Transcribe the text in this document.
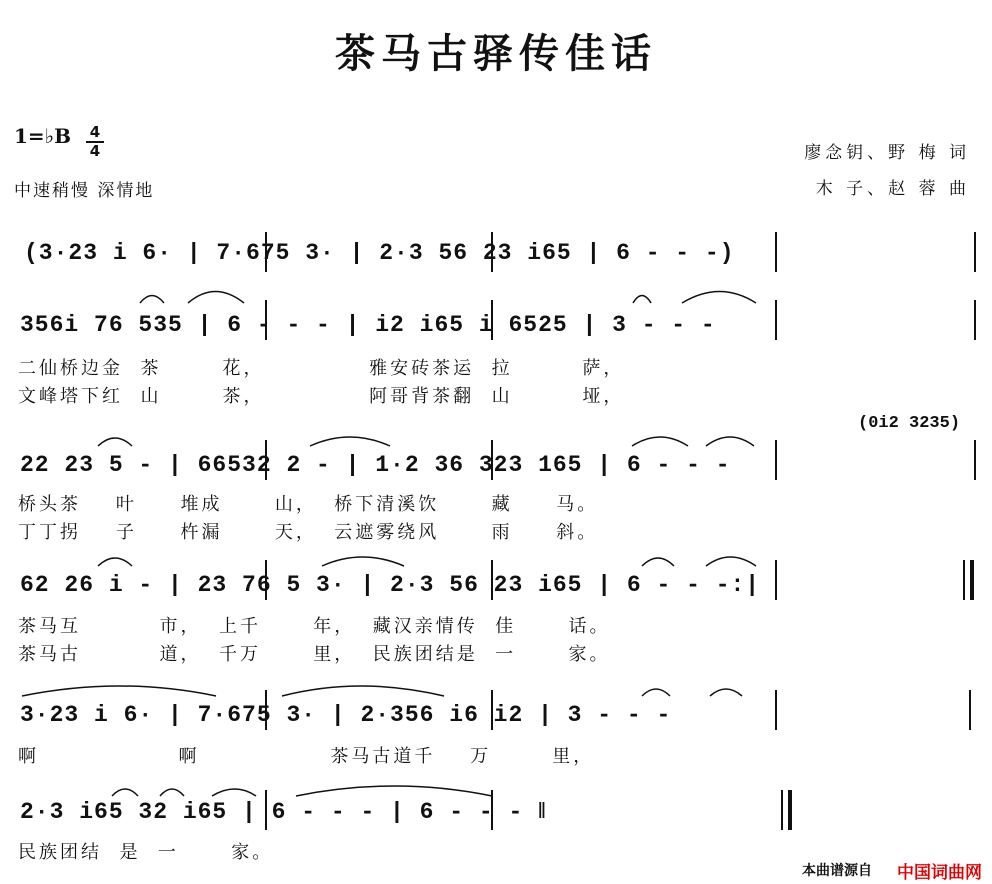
茶马古驿传佳话
1=♭B	4
4
中速稍慢 深情地
廖念钥、野 梅 词
木 子、赵 蓉 曲
(3·23 i 6· | 7·675 3· | 2·3 56 23 i65 | 6 - - -)
356i 76 535 | 6 - - - | i2 i65 i 6525 | 3 - - -
二仙桥边金  茶       花，            雅安砖茶运  拉        萨，
文峰塔下红  山       茶，            阿哥背茶翻  山        垭，
(0i2 3235)
22 23 5 - | 66532 2 - | 1·2 36 323 165 | 6 - - -
桥头茶    叶     堆成      山，  桥下清溪饮      藏     马。
丁丁拐    子     杵漏      天，  云遮雾绕风      雨     斜。
62 26 i - | 23 76 5 3· | 2·3 56 23 i65 | 6 - - -:|
茶马互         市，  上千      年，  藏汉亲情传  佳      话。
茶马古         道，  千万      里，  民族团结是  一      家。
3·23 i 6· | 7·675 3· | 2·356 i6 i2 | 3 - - -
啊                啊               茶马古道千    万       里，
2·3 i65 32 i65 | 6 - - - | 6 - - - ‖
民族团结  是  一      家。
本曲谱源自 中国词曲网
